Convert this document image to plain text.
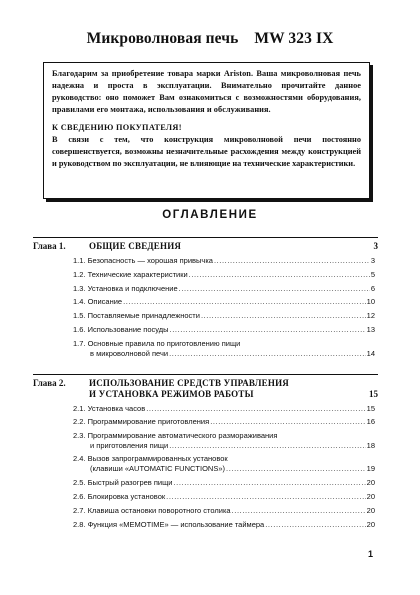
Микроволновая печь MW 323 IX

Благодарим за приобретение товара марки Ariston. Ваша микроволновая печь надежна и проста в эксплуатации. Внимательно прочитайте данное руководство: оно поможет Вам ознакомиться с возможностями оборудования, правилами его монтажа, использования и обслуживания.

К СВЕДЕНИЮ ПОКУПАТЕЛЯ!

В связи с тем, что конструкция микроволновой печи постоянно совершенствуется, возможны незначительные расхождения между конструкцией и руководством по эксплуатации, не влияющие на технические характеристики.

ОГЛАВЛЕНИЕ
Глава 1.	ОБЩИЕ СВЕДЕНИЯ	3
1.1. Безопасность — хорошая привычка .....	3
1.2. Технические характеристики .....	5
1.3. Установка и подключение .....	6
1.4. Описание .....	10
1.5. Поставляемые принадлежности .....	12
1.6. Использование посуды .....	13
1.7. Основные правила по приготовлению пищи
в микроволновой печи .....	14
Глава 2.	ИСПОЛЬЗОВАНИЕ СРЕДСТВ УПРАВЛЕНИЯ
И УСТАНОВКА РЕЖИМОВ РАБОТЫ	15
2.1. Установка часов .....	15
2.2. Программирование приготовления .....	16
2.3. Программирование автоматического размораживания
и приготовления пищи .....	18
2.4. Вызов запрограммированных установок
(клавиши «AUTOMATIC FUNCTIONS») .....	19
2.5. Быстрый разогрев пищи .....	20
2.6. Блокировка установок .....	20
2.7. Клавиша остановки поворотного столика .....	20
2.8. Функция «MEMOTIME» — использование таймера .....	20
1
